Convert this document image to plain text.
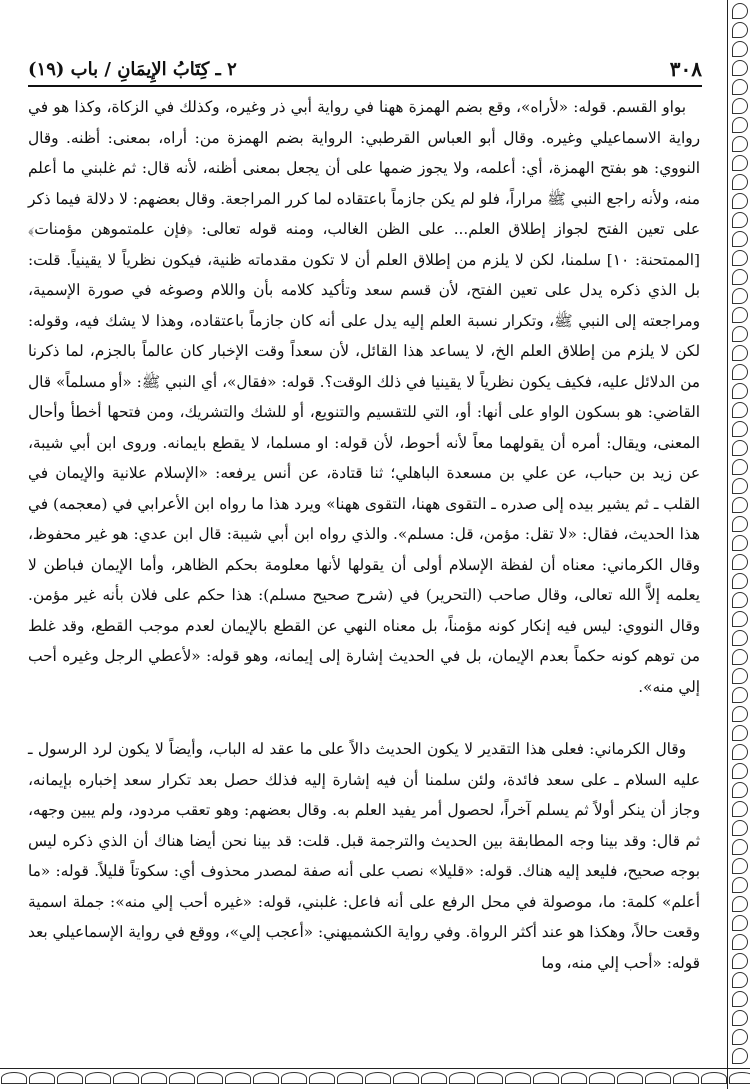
٣٠٨
٢ ـ كِتَابُ الإِيمَانِ / باب (١٩)

بواو القسم. قوله: «لأراه»، وقع بضم الهمزة ههنا في رواية أبي ذر وغيره، وكذلك في الزكاة، وكذا هو في رواية الاسماعيلي وغيره. وقال أبو العباس القرطبي: الرواية بضم الهمزة من: أراه، بمعنى: أظنه. وقال النووي: هو بفتح الهمزة، أي: أعلمه، ولا يجوز ضمها على أن يجعل بمعنى أظنه، لأنه قال: ثم غلبني ما أعلم منه، ولأنه راجع النبي ﷺ مراراً، فلو لم يكن جازماً باعتقاده لما كرر المراجعة. وقال بعضهم: لا دلالة فيما ذكر على تعين الفتح لجواز إطلاق العلم... على الظن الغالب، ومنه قوله تعالى: ﴿فإن علمتموهن مؤمنات﴾ [الممتحنة: ١٠] سلمنا، لكن لا يلزم من إطلاق العلم أن لا تكون مقدماته ظنية، فيكون نظرياً لا يقينياً. قلت: بل الذي ذكره يدل على تعين الفتح، لأن قسم سعد وتأكيد كلامه بأن واللام وصوغه في صورة الإسمية، ومراجعته إلى النبي ﷺ، وتكرار نسبة العلم إليه يدل على أنه كان جازماً باعتقاده، وهذا لا يشك فيه، وقوله: لكن لا يلزم من إطلاق العلم الخ، لا يساعد هذا القائل، لأن سعداً وقت الإخبار كان عالماً بالجزم، لما ذكرنا من الدلائل عليه، فكيف يكون نظرياً لا يقينيا في ذلك الوقت؟. قوله: «فقال»، أي النبي ﷺ: «أو مسلماً» قال القاضي: هو بسكون الواو على أنها: أو، التي للتقسيم والتنويع، أو للشك والتشريك، ومن فتحها أخطأ وأحال المعنى، ويقال: أمره أن يقولهما معاً لأنه أحوط، لأن قوله: او مسلما، لا يقطع بايمانه. وروى ابن أبي شيبة، عن زيد بن حباب، عن علي بن مسعدة الباهلي؛ ثنا قتادة، عن أنس يرفعه: «الإسلام علانية والإيمان في القلب ـ ثم يشير بيده إلى صدره ـ التقوى ههنا، التقوى ههنا» ويرد هذا ما رواه ابن الأعرابي في (معجمه) في هذا الحديث، فقال: «لا تقل: مؤمن، قل: مسلم». والذي رواه ابن أبي شيبة: قال ابن عدي: هو غير محفوظ، وقال الكرماني: معناه أن لفظة الإسلام أولى أن يقولها لأنها معلومة بحكم الظاهر، وأما الإيمان فباطن لا يعلمه إلاَّ الله تعالى، وقال صاحب (التحرير) في (شرح صحيح مسلم): هذا حكم على فلان بأنه غير مؤمن. وقال النووي: ليس فيه إنكار كونه مؤمناً، بل معناه النهي عن القطع بالإيمان لعدم موجب القطع، وقد غلط من توهم كونه حكماً بعدم الإيمان، بل في الحديث إشارة إلى إيمانه، وهو قوله: «لأعطي الرجل وغيره أحب إلي منه».

وقال الكرماني: فعلى هذا التقدير لا يكون الحديث دالاً على ما عقد له الباب، وأيضاً لا يكون لرد الرسول ـ عليه السلام ـ على سعد فائدة، ولئن سلمنا أن فيه إشارة إليه فذلك حصل بعد تكرار سعد إخباره بإيمانه، وجاز أن ينكر أولاً ثم يسلم آخراً، لحصول أمر يفيد العلم به. وقال بعضهم: وهو تعقب مردود، ولم يبين وجهه، ثم قال: وقد بينا وجه المطابقة بين الحديث والترجمة قبل. قلت: قد بينا نحن أيضا هناك أن الذي ذكره ليس بوجه صحيح، فليعد إليه هناك. قوله: «قليلا» نصب على أنه صفة لمصدر محذوف أي: سكوتاً قليلاً. قوله: «ما أعلم» كلمة: ما، موصولة في محل الرفع على أنه فاعل: غلبني، قوله: «غيره أحب إلي منه»: جملة اسمية وقعت حالاً، وهكذا هو عند أكثر الرواة. وفي رواية الكشميهني: «أعجب إلي»، ووقع في رواية الإسماعيلي بعد قوله: «أحب إلي منه، وما
